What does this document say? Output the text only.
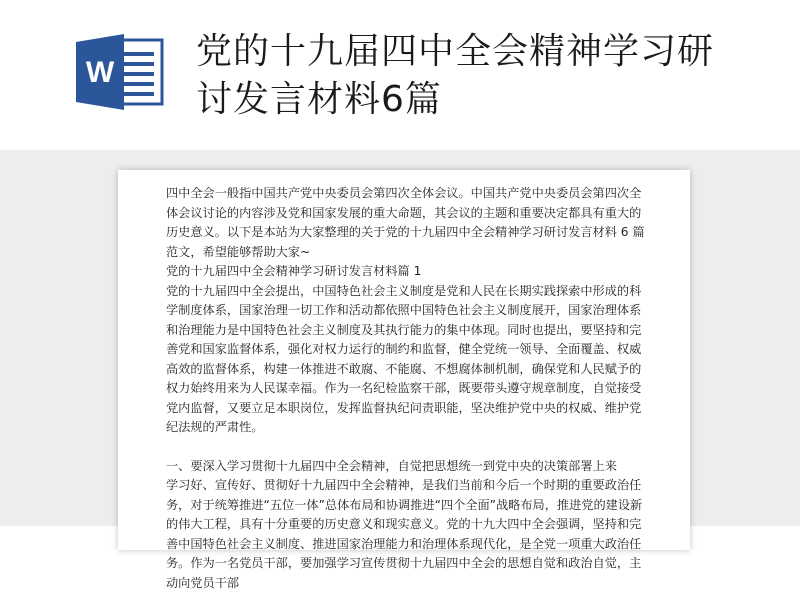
W
党的十九届四中全会精神学习研
讨发言材料6篇

四中全会一般指中国共产党中央委员会第四次全体会议。中国共产党中央委员会第四次全体会议讨论的内容涉及党和国家发展的重大命题，其会议的主题和重要决定都具有重大的历史意义。以下是本站为大家整理的关于党的十九届四中全会精神学习研讨发言材料 6 篇范文，希望能够帮助大家~

党的十九届四中全会精神学习研讨发言材料篇 1

党的十九届四中全会提出，中国特色社会主义制度是党和人民在长期实践探索中形成的科学制度体系，国家治理一切工作和活动都依照中国特色社会主义制度展开，国家治理体系和治理能力是中国特色社会主义制度及其执行能力的集中体现。同时也提出，要坚持和完善党和国家监督体系，强化对权力运行的制约和监督，健全党统一领导、全面覆盖、权威高效的监督体系，构建一体推进不敢腐、不能腐、不想腐体制机制，确保党和人民赋予的权力始终用来为人民谋幸福。作为一名纪检监察干部，既要带头遵守规章制度，自觉接受党内监督，又要立足本职岗位，发挥监督执纪问责职能，坚决维护党中央的权威、维护党纪法规的严肃性。

一、要深入学习贯彻十九届四中全会精神，自觉把思想统一到党中央的决策部署上来

学习好、宣传好、贯彻好十九届四中全会精神，是我们当前和今后一个时期的重要政治任务，对于统筹推进“五位一体”总体布局和协调推进“四个全面”战略布局，推进党的建设新的伟大工程，具有十分重要的历史意义和现实意义。党的十九大四中全会强调，坚持和完善中国特色社会主义制度、推进国家治理能力和治理体系现代化，是全党一项重大政治任务。作为一名党员干部，要加强学习宣传贯彻十九届四中全会的思想自觉和政治自觉，主动向党员干部
